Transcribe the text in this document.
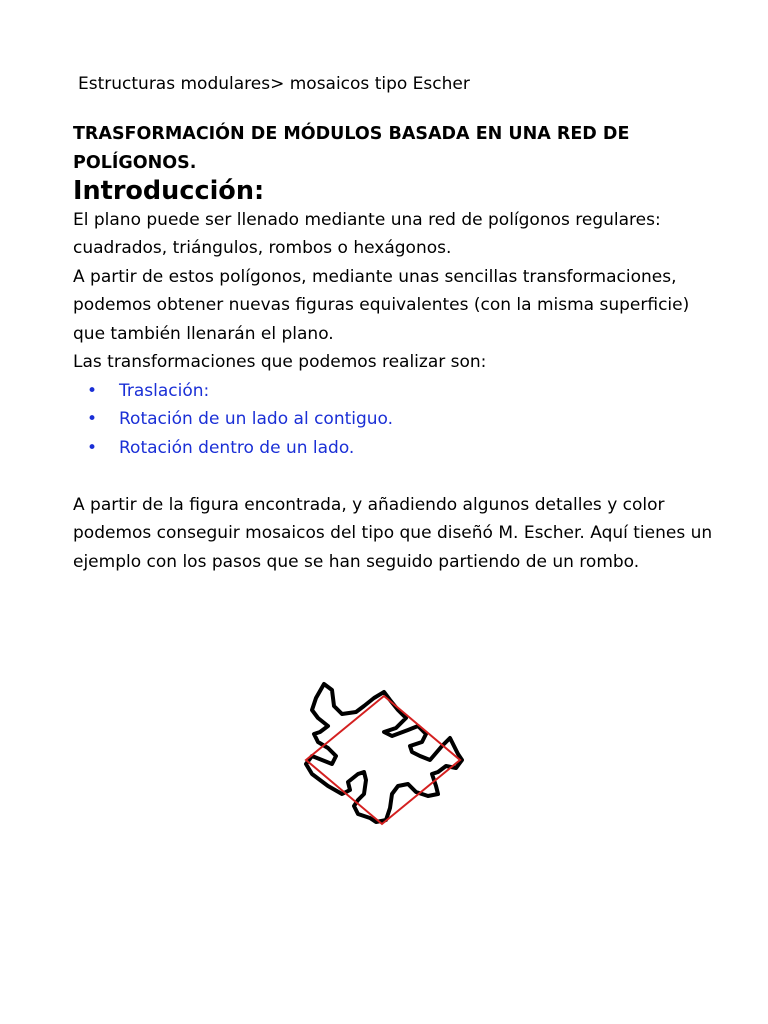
Estructuras modulares> mosaicos tipo Escher
TRASFORMACIÓN DE MÓDULOS BASADA EN UNA RED DE POLÍGONOS.
Introducción:

El plano puede ser llenado mediante una red de polígonos regulares: cuadrados, triángulos, rombos o hexágonos.

A partir de estos polígonos, mediante unas sencillas transformaciones, podemos obtener nuevas figuras equivalentes (con la misma superficie) que también llenarán el plano.

Las transformaciones que podemos realizar son:

• Traslación:
• Rotación de un lado al contiguo.
• Rotación dentro de un lado.

A partir de la figura encontrada, y añadiendo algunos detalles y color podemos conseguir mosaicos del tipo que diseñó M. Escher. Aquí tienes un ejemplo con los pasos que se han seguido partiendo de un rombo.
